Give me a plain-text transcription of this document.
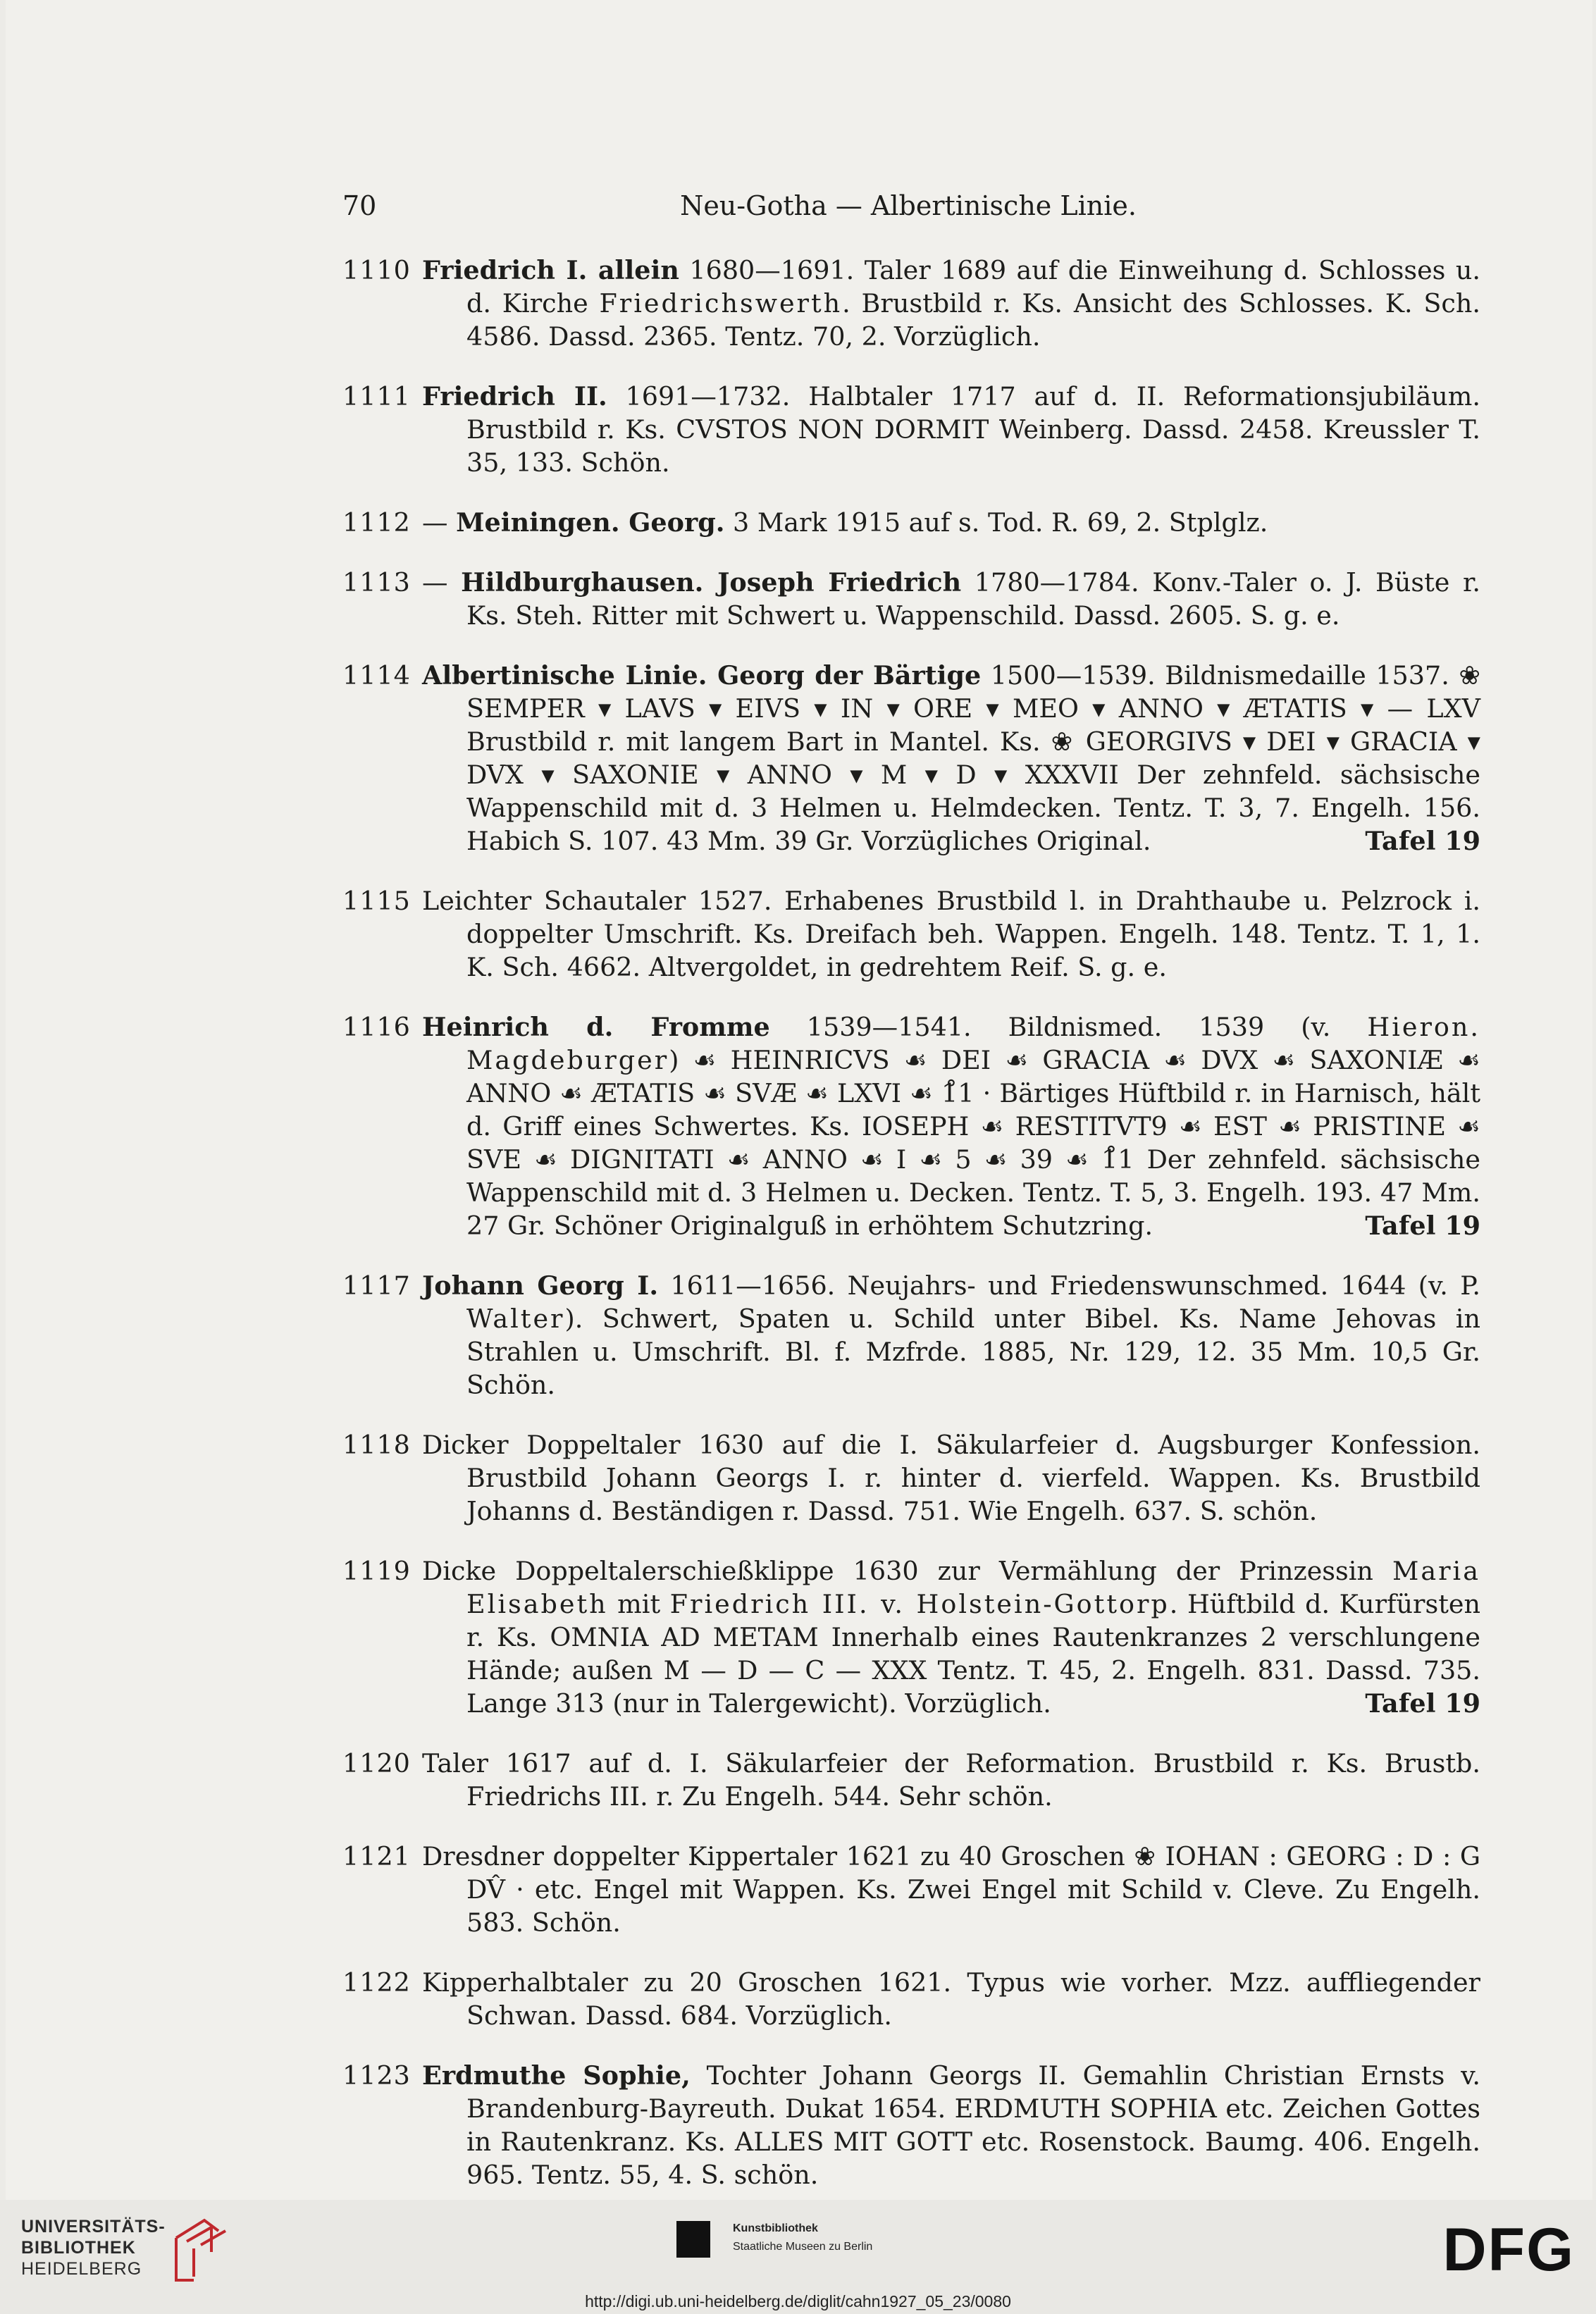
70	Neu-Gotha — Albertinische Linie.
1110 Friedrich I. allein 1680—1691. Taler 1689 auf die Einweihung d. Schlosses u. d. Kirche Friedrichswerth. Brustbild r. Ks. Ansicht des Schlosses. K. Sch. 4586. Dassd. 2365. Tentz. 70, 2. Vorzüglich.
1111 Friedrich II. 1691—1732. Halbtaler 1717 auf d. II. Reformationsjubiläum. Brustbild r. Ks. CVSTOS NON DORMIT Weinberg. Dassd. 2458. Kreussler T. 35, 133. Schön.
1112 — Meiningen. Georg. 3 Mark 1915 auf s. Tod. R. 69, 2. Stplglz.
1113 — Hildburghausen. Joseph Friedrich 1780—1784. Konv.-Taler o. J. Büste r. Ks. Steh. Ritter mit Schwert u. Wappenschild. Dassd. 2605. S. g. e.
1114 Albertinische Linie. Georg der Bärtige 1500—1539. Bildnismedaille 1537. ❀ SEMPER ▾ LAVS ▾ EIVS ▾ IN ▾ ORE ▾ MEO ▾ ANNO ▾ ÆTATIS ▾ — LXV Brustbild r. mit langem Bart in Mantel. Ks. ❀ GEORGIVS ▾ DEI ▾ GRACIA ▾ DVX ▾ SAXONIE ▾ ANNO ▾ M ▾ D ▾ XXXVII Der zehnfeld. sächsische Wappenschild mit d. 3 Helmen u. Helmdecken. Tentz. T. 3, 7. Engelh. 156. Habich S. 107. 43 Mm. 39 Gr. Vorzügliches Original.	Tafel 19
1115 Leichter Schautaler 1527. Erhabenes Brustbild l. in Drahthaube u. Pelzrock i. doppelter Umschrift. Ks. Dreifach beh. Wappen. Engelh. 148. Tentz. T. 1, 1. K. Sch. 4662. Altvergoldet, in gedrehtem Reif. S. g. e.
1116 Heinrich d. Fromme 1539—1541. Bildnismed. 1539 (v. Hieron. Magdeburger) ☙ HEINRICVS ☙ DEI ☙ GRACIA ☙ DVX ☙ SAXONIÆ ☙ ANNO ☙ ÆTATIS ☙ SVÆ ☙ LXVI ☙ 1̊1 · Bärtiges Hüftbild r. in Harnisch, hält d. Griff eines Schwertes. Ks. IOSEPH ☙ RESTITVT9 ☙ EST ☙ PRISTINE ☙ SVE ☙ DIGNITATI ☙ ANNO ☙ I ☙ 5 ☙ 39 ☙ 1̊1 Der zehnfeld. sächsische Wappenschild mit d. 3 Helmen u. Decken. Tentz. T. 5, 3. Engelh. 193. 47 Mm. 27 Gr. Schöner Originalguß in erhöhtem Schutzring.	Tafel 19
1117 Johann Georg I. 1611—1656. Neujahrs- und Friedenswunschmed. 1644 (v. P. Walter). Schwert, Spaten u. Schild unter Bibel. Ks. Name Jehovas in Strahlen u. Umschrift. Bl. f. Mzfrde. 1885, Nr. 129, 12. 35 Mm. 10,5 Gr. Schön.
1118 Dicker Doppeltaler 1630 auf die I. Säkularfeier d. Augsburger Konfession. Brustbild Johann Georgs I. r. hinter d. vierfeld. Wappen. Ks. Brustbild Johanns d. Beständigen r. Dassd. 751. Wie Engelh. 637. S. schön.
1119 Dicke Doppeltalerschießklippe 1630 zur Vermählung der Prinzessin Maria Elisabeth mit Friedrich III. v. Holstein-Gottorp. Hüftbild d. Kurfürsten r. Ks. OMNIA AD METAM Innerhalb eines Rautenkranzes 2 verschlungene Hände; außen M — D — C — XXX Tentz. T. 45, 2. Engelh. 831. Dassd. 735. Lange 313 (nur in Talergewicht). Vorzüglich.	Tafel 19
1120 Taler 1617 auf d. I. Säkularfeier der Reformation. Brustbild r. Ks. Brustb. Friedrichs III. r. Zu Engelh. 544. Sehr schön.
1121 Dresdner doppelter Kippertaler 1621 zu 40 Groschen ❀ IOHAN : GEORG : D : G DV̂ · etc. Engel mit Wappen. Ks. Zwei Engel mit Schild v. Cleve. Zu Engelh. 583. Schön.
1122 Kipperhalbtaler zu 20 Groschen 1621. Typus wie vorher. Mzz. auffliegender Schwan. Dassd. 684. Vorzüglich.
1123 Erdmuthe Sophie, Tochter Johann Georgs II. Gemahlin Christian Ernsts v. Brandenburg-Bayreuth. Dukat 1654. ERDMUTH SOPHIA etc. Zeichen Gottes in Rautenkranz. Ks. ALLES MIT GOTT etc. Rosenstock. Baumg. 406. Engelh. 965. Tentz. 55, 4. S. schön.
UNIVERSITÄTS-
BIBLIOTHEK
HEIDELBERG
Kunstbibliothek
Staatliche Museen zu Berlin	DFG
http://digi.ub.uni-heidelberg.de/diglit/cahn1927_05_23/0080
